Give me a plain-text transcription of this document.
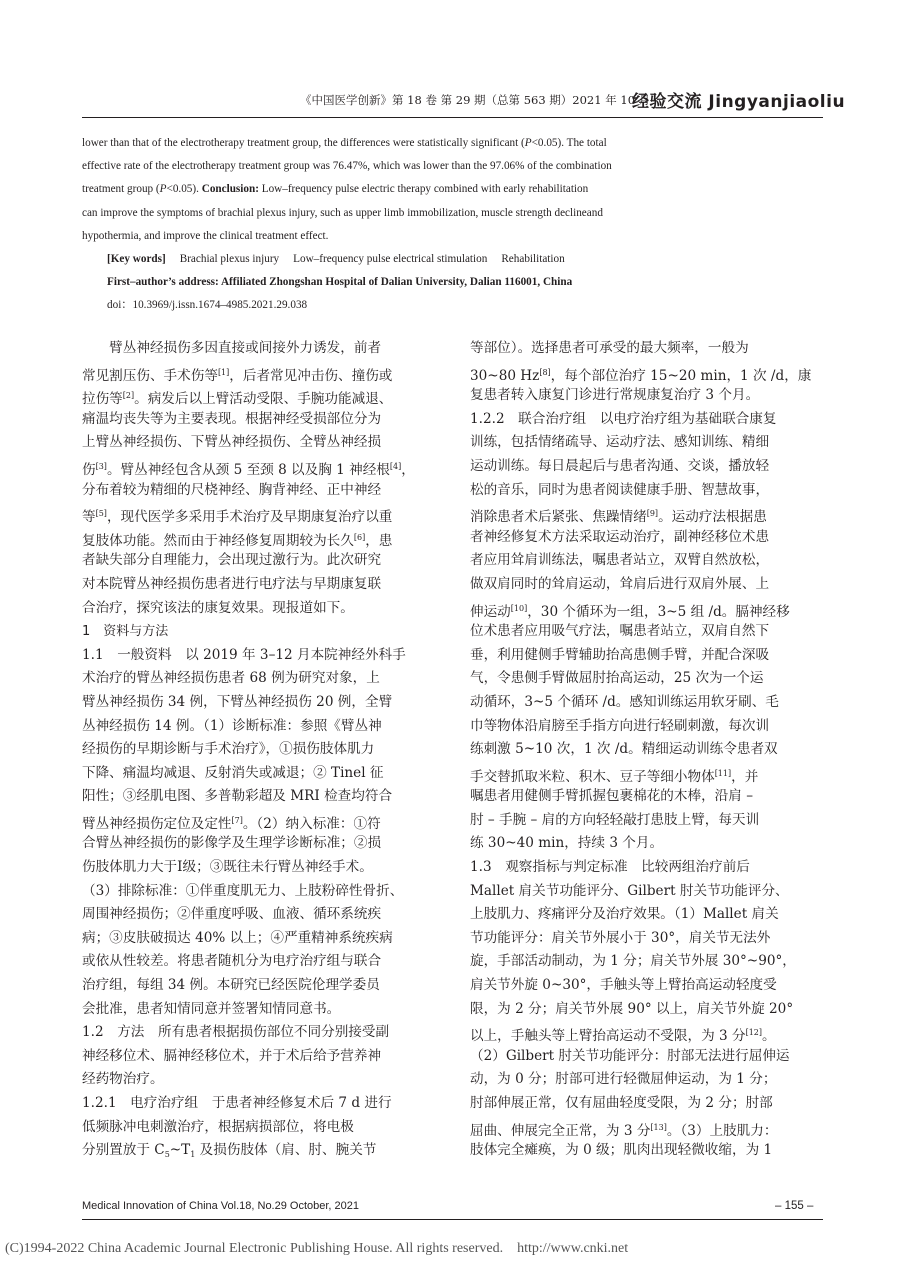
《中国医学创新》第 18 卷 第 29 期（总第 563 期）2021 年 10 月
经验交流 Jingyanjiaoliu
lower than that of the electrotherapy treatment group, the differences were statistically significant (P<0.05). The total
effective rate of the electrotherapy treatment group was 76.47%, which was lower than the 97.06% of the combination
treatment group (P<0.05). Conclusion: Low–frequency pulse electric therapy combined with early rehabilitation
can improve the symptoms of brachial plexus injury, such as upper limb immobilization, muscle strength declineand
hypothermia, and improve the clinical treatment effect.
[Key words] Brachial plexus injury Low–frequency pulse electrical stimulation Rehabilitation
First–author’s address: Affiliated Zhongshan Hospital of Dalian University, Dalian 116001, China
doi：10.3969/j.issn.1674–4985.2021.29.038
　　臂丛神经损伤多因直接或间接外力诱发，前者
常见割压伤、手术伤等[1]，后者常见冲击伤、撞伤或
拉伤等[2]。病发后以上臂活动受限、手腕功能减退、
痛温均丧失等为主要表现。根据神经受损部位分为
上臂丛神经损伤、下臂丛神经损伤、全臂丛神经损
伤[3]。臂丛神经包含从颈 5 至颈 8 以及胸 1 神经根[4]，
分布着较为精细的尺桡神经、胸背神经、正中神经
等[5]，现代医学多采用手术治疗及早期康复治疗以重
复肢体功能。然而由于神经修复周期较为长久[6]，患
者缺失部分自理能力，会出现过激行为。此次研究
对本院臂丛神经损伤患者进行电疗法与早期康复联
合治疗，探究该法的康复效果。现报道如下。
1　资料与方法
1.1　一般资料　以 2019 年 3–12 月本院神经外科手
术治疗的臂丛神经损伤患者 68 例为研究对象，上
臂丛神经损伤 34 例，下臂丛神经损伤 20 例，全臂
丛神经损伤 14 例。（1）诊断标准：参照《臂丛神
经损伤的早期诊断与手术治疗》，①损伤肢体肌力
下降、痛温均减退、反射消失或减退；② Tinel 征
阳性；③经肌电图、多普勒彩超及 MRI 检查均符合
臂丛神经损伤定位及定性[7]。（2）纳入标准：①符
合臂丛神经损伤的影像学及生理学诊断标准；②损
伤肢体肌力大于Ⅰ级；③既往未行臂丛神经手术。
（3）排除标准：①伴重度肌无力、上肢粉碎性骨折、
周围神经损伤；②伴重度呼吸、血液、循环系统疾
病；③皮肤破损达 40% 以上；④严重精神系统疾病
或依从性较差。将患者随机分为电疗治疗组与联合
治疗组，每组 34 例。本研究已经医院伦理学委员
会批准，患者知情同意并签署知情同意书。
1.2　方法　所有患者根据损伤部位不同分别接受副
神经移位术、膈神经移位术，并于术后给予营养神
经药物治疗。
1.2.1　电疗治疗组　于患者神经修复术后 7 d 进行
低频脉冲电刺激治疗，根据病损部位，将电极
分别置放于 $C_5\sim T_1$ 及损伤肢体（肩、肘、腕关节
等部位）。选择患者可承受的最大频率，一般为
30~80 Hz[8]，每个部位治疗 15~20 min，1 次 /d，康
复患者转入康复门诊进行常规康复治疗 3 个月。
1.2.2　联合治疗组　以电疗治疗组为基础联合康复
训练，包括情绪疏导、运动疗法、感知训练、精细
运动训练。每日晨起后与患者沟通、交谈，播放轻
松的音乐，同时为患者阅读健康手册、智慧故事，
消除患者术后紧张、焦躁情绪[9]。运动疗法根据患
者神经修复术方法采取运动治疗，副神经移位术患
者应用耸肩训练法，嘱患者站立，双臂自然放松，
做双肩同时的耸肩运动，耸肩后进行双肩外展、上
伸运动[10]，30 个循环为一组，3~5 组 /d。膈神经移
位术患者应用吸气疗法，嘱患者站立，双肩自然下
垂，利用健侧手臂辅助抬高患侧手臂，并配合深吸
气，令患侧手臂做屈肘抬高运动，25 次为一个运
动循环，3~5 个循环 /d。感知训练运用软牙刷、毛
巾等物体沿肩膀至手指方向进行轻刷刺激，每次训
练刺激 5~10 次，1 次 /d。精细运动训练令患者双
手交替抓取米粒、积木、豆子等细小物体[11]，并
嘱患者用健侧手臂抓握包裹棉花的木棒，沿肩 –
肘 – 手腕 – 肩的方向轻轻敲打患肢上臂，每天训
练 30~40 min，持续 3 个月。
1.3　观察指标与判定标准　比较两组治疗前后
Mallet 肩关节功能评分、Gilbert 肘关节功能评分、
上肢肌力、疼痛评分及治疗效果。（1）Mallet 肩关
节功能评分：肩关节外展小于 30°，肩关节无法外
旋，手部活动制动，为 1 分；肩关节外展 30°~90°，
肩关节外旋 0~30°，手触头等上臂抬高运动轻度受
限，为 2 分；肩关节外展 90° 以上，肩关节外旋 20°
以上，手触头等上臂抬高运动不受限，为 3 分[12]。
（2）Gilbert 肘关节功能评分：肘部无法进行屈伸运
动，为 0 分；肘部可进行轻微屈伸运动，为 1 分；
肘部伸展正常，仅有屈曲轻度受限，为 2 分；肘部
屈曲、伸展完全正常，为 3 分[13]。（3）上肢肌力：
肢体完全瘫痪，为 0 级；肌肉出现轻微收缩，为 1
Medical Innovation of China Vol.18, No.29 October, 2021	– 155 –
(C)1994-2022 China Academic Journal Electronic Publishing House. All rights reserved.　http://www.cnki.net
